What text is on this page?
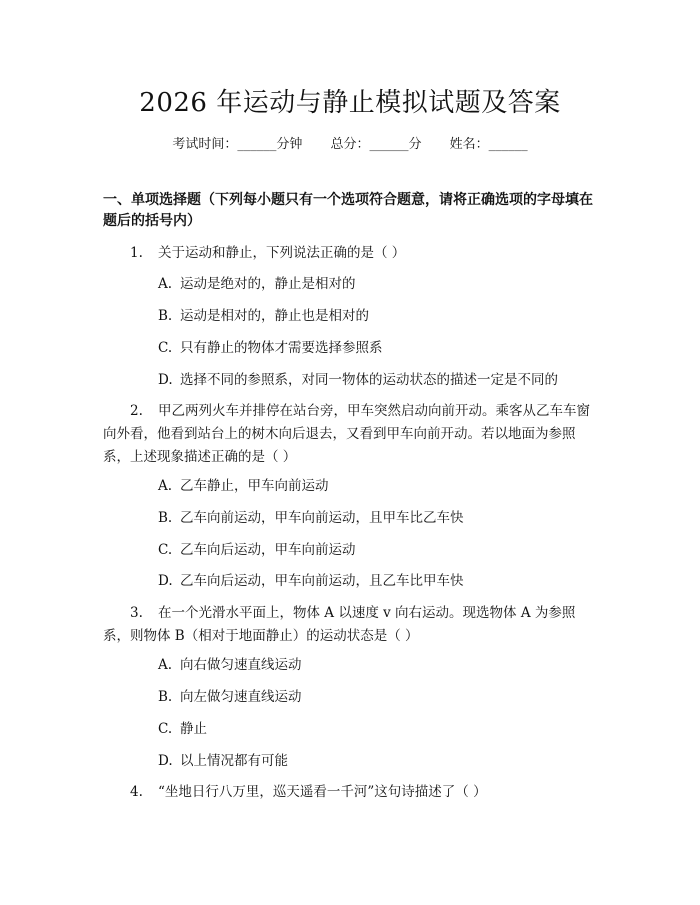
2026 年运动与静止模拟试题及答案
考试时间：______分钟 总分：______分 姓名：______
一、单项选择题（下列每小题只有一个选项符合题意，请将正确选项的字母填在题后的括号内）
1. 关于运动和静止，下列说法正确的是（ ）
A. 运动是绝对的，静止是相对的
B. 运动是相对的，静止也是相对的
C. 只有静止的物体才需要选择参照系
D. 选择不同的参照系，对同一物体的运动状态的描述一定是不同的
2. 甲乙两列火车并排停在站台旁，甲车突然启动向前开动。乘客从乙车车窗向外看，他看到站台上的树木向后退去，又看到甲车向前开动。若以地面为参照系，上述现象描述正确的是（ ）
A. 乙车静止，甲车向前运动
B. 乙车向前运动，甲车向前运动，且甲车比乙车快
C. 乙车向后运动，甲车向前运动
D. 乙车向后运动，甲车向前运动，且乙车比甲车快
3. 在一个光滑水平面上，物体 A 以速度 v 向右运动。现选物体 A 为参照系，则物体 B（相对于地面静止）的运动状态是（ ）
A. 向右做匀速直线运动
B. 向左做匀速直线运动
C. 静止
D. 以上情况都有可能
4. “坐地日行八万里，巡天遥看一千河”这句诗描述了（ ）
